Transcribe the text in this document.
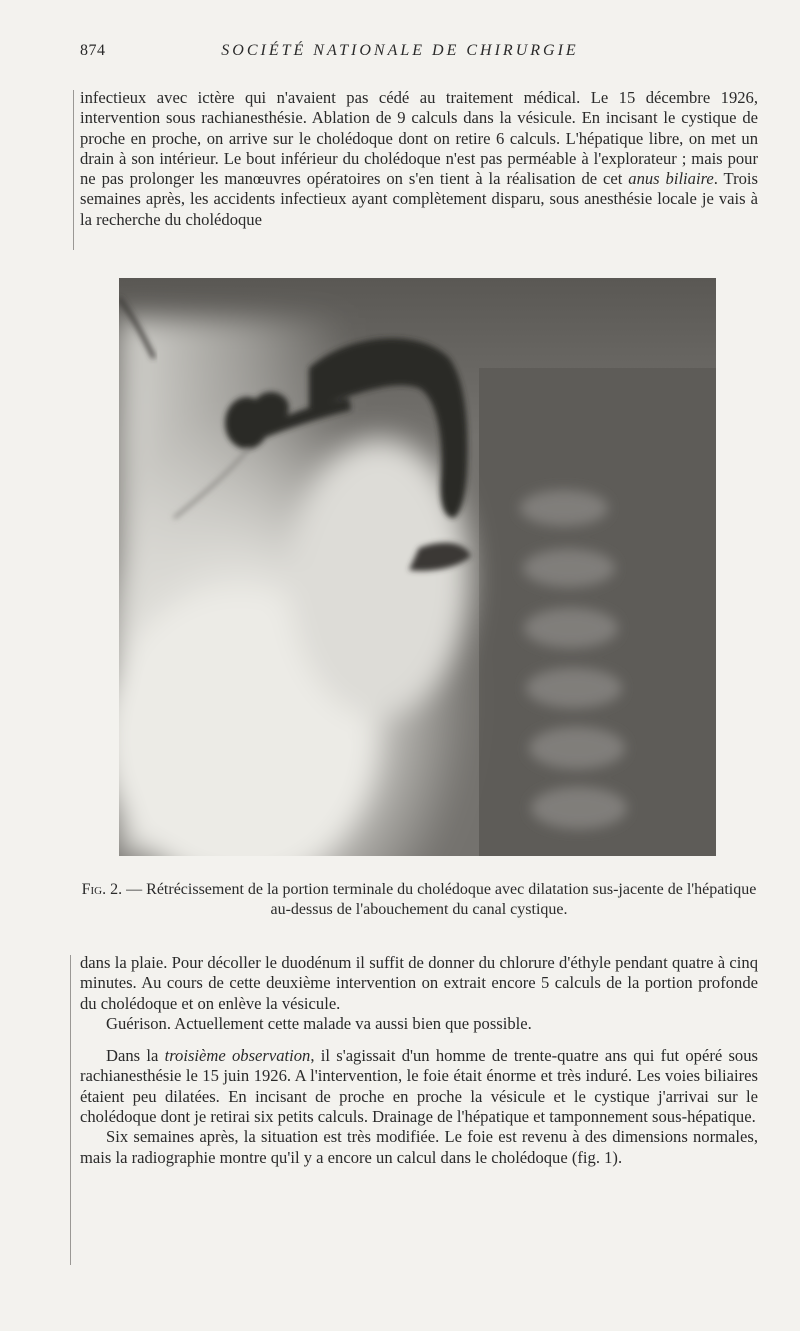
874	SOCIÉTÉ NATIONALE DE CHIRURGIE

infectieux avec ictère qui n'avaient pas cédé au traitement médical. Le 15 décembre 1926, intervention sous rachianesthésie. Ablation de 9 calculs dans la vésicule. En incisant le cystique de proche en proche, on arrive sur le cholédoque dont on retire 6 calculs. L'hépatique libre, on met un drain à son intérieur. Le bout inférieur du cholédoque n'est pas perméable à l'explorateur ; mais pour ne pas prolonger les manœuvres opératoires on s'en tient à la réalisation de cet anus biliaire. Trois semaines après, les accidents infectieux ayant complètement disparu, sous anesthésie locale je vais à la recherche du cholédoque

Fig. 2. — Rétrécissement de la portion terminale du cholédoque avec dilatation sus-jacente de l'hépatique au-dessus de l'abouchement du canal cystique.

dans la plaie. Pour décoller le duodénum il suffit de donner du chlorure d'éthyle pendant quatre à cinq minutes. Au cours de cette deuxième intervention on extrait encore 5 calculs de la portion profonde du cholédoque et on enlève la vésicule.

Guérison. Actuellement cette malade va aussi bien que possible.

Dans la troisième observation, il s'agissait d'un homme de trente-quatre ans qui fut opéré sous rachianesthésie le 15 juin 1926. A l'intervention, le foie était énorme et très induré. Les voies biliaires étaient peu dilatées. En incisant de proche en proche la vésicule et le cystique j'arrivai sur le cholédoque dont je retirai six petits calculs. Drainage de l'hépatique et tamponnement sous-hépatique.

Six semaines après, la situation est très modifiée. Le foie est revenu à des dimensions normales, mais la radiographie montre qu'il y a encore un calcul dans le cholédoque (fig. 1).
